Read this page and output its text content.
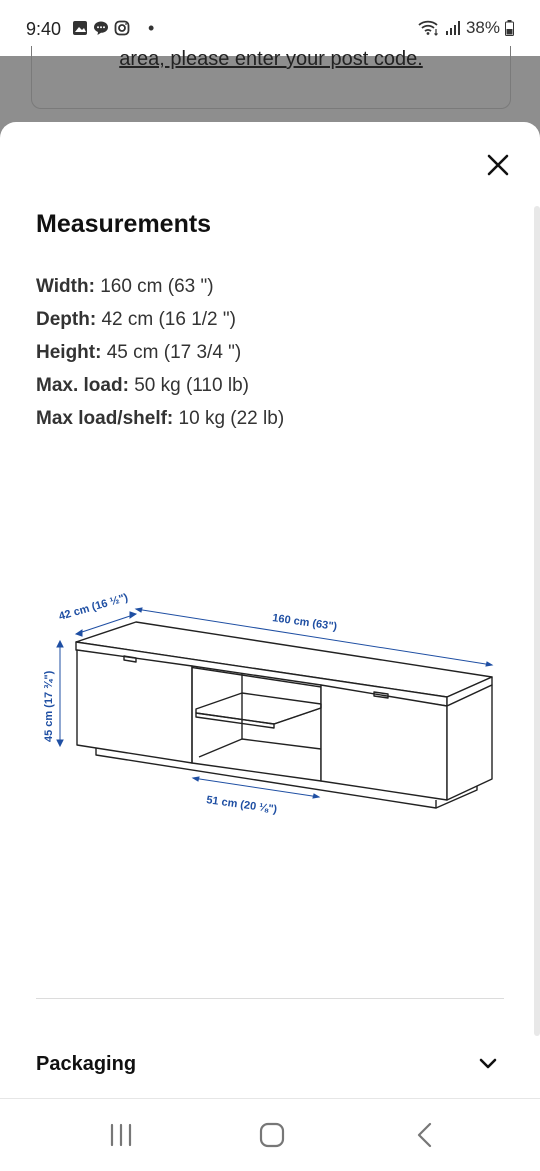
9:40	•	38%
area, please enter your post code.
Measurements
Width: 160 cm (63 ")
Depth: 42 cm (16 1/2 ")
Height: 45 cm (17 3/4 ")
Max. load: 50 kg (110 lb)
Max load/shelf: 10 kg (22 lb)
42 cm (16 ½")	160 cm (63")
45 cm (17 ¾")
51 cm (20 ⅛")
Packaging
